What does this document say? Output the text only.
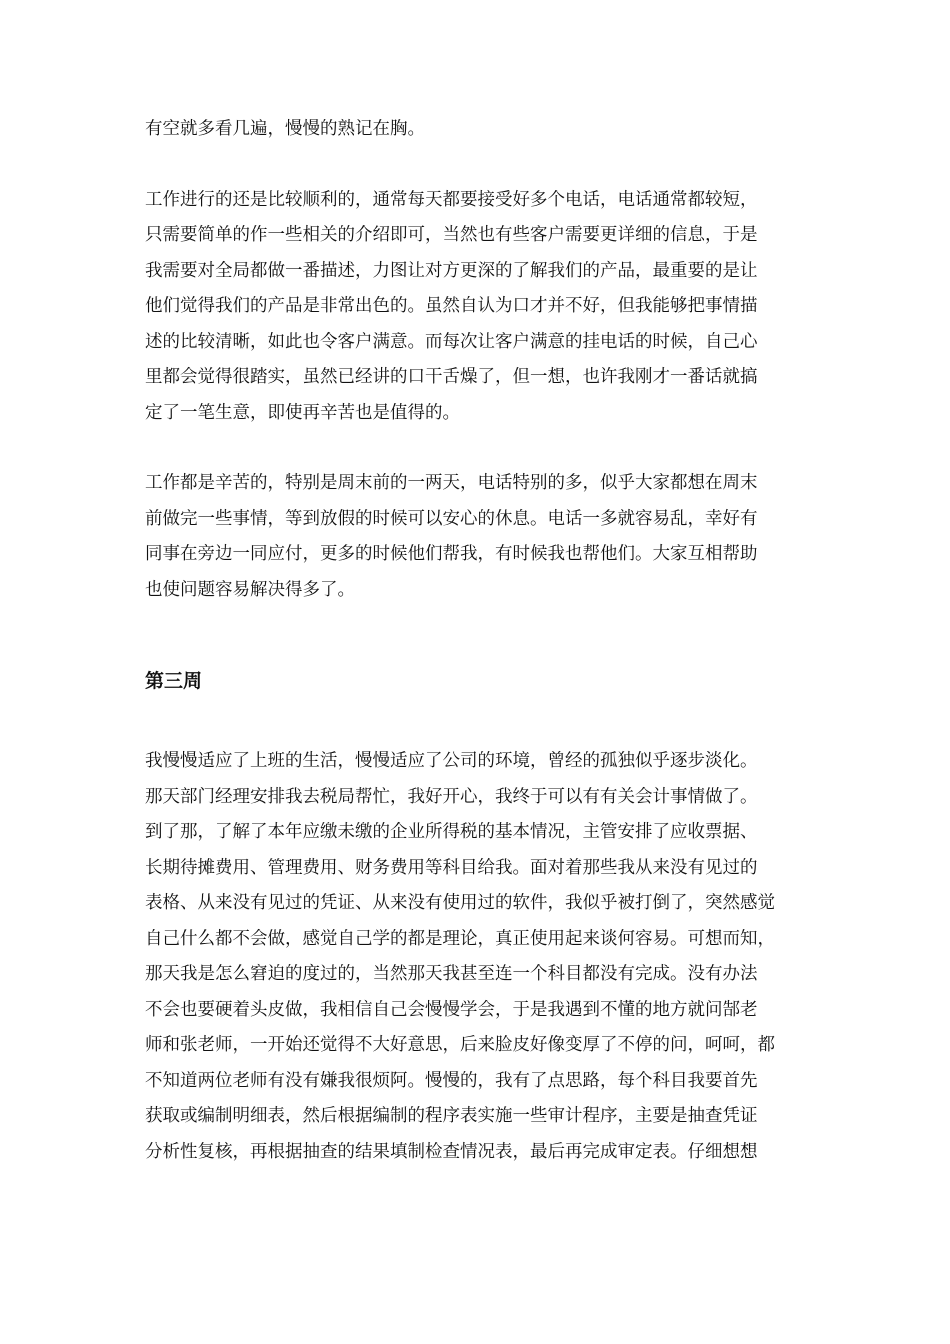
有空就多看几遍，慢慢的熟记在胸。
工作进行的还是比较顺利的，通常每天都要接受好多个电话，电话通常都较短，
只需要简单的作一些相关的介绍即可，当然也有些客户需要更详细的信息，于是
我需要对全局都做一番描述，力图让对方更深的了解我们的产品，最重要的是让
他们觉得我们的产品是非常出色的。虽然自认为口才并不好，但我能够把事情描
述的比较清晰，如此也令客户满意。而每次让客户满意的挂电话的时候，自己心
里都会觉得很踏实，虽然已经讲的口干舌燥了，但一想，也许我刚才一番话就搞
定了一笔生意，即使再辛苦也是值得的。
工作都是辛苦的，特别是周末前的一两天，电话特别的多，似乎大家都想在周末
前做完一些事情，等到放假的时候可以安心的休息。电话一多就容易乱，幸好有
同事在旁边一同应付，更多的时候他们帮我，有时候我也帮他们。大家互相帮助
也使问题容易解决得多了。
第三周
我慢慢适应了上班的生活，慢慢适应了公司的环境，曾经的孤独似乎逐步淡化。
那天部门经理安排我去税局帮忙，我好开心，我终于可以有有关会计事情做了。
到了那，了解了本年应缴未缴的企业所得税的基本情况，主管安排了应收票据、
长期待摊费用、管理费用、财务费用等科目给我。面对着那些我从来没有见过的
表格、从来没有见过的凭证、从来没有使用过的软件，我似乎被打倒了，突然感觉
自己什么都不会做，感觉自己学的都是理论，真正使用起来谈何容易。可想而知，
那天我是怎么窘迫的度过的，当然那天我甚至连一个科目都没有完成。没有办法
不会也要硬着头皮做，我相信自己会慢慢学会，于是我遇到不懂的地方就问郜老
师和张老师，一开始还觉得不大好意思，后来脸皮好像变厚了不停的问，呵呵，都
不知道两位老师有没有嫌我很烦阿。慢慢的，我有了点思路，每个科目我要首先
获取或编制明细表，然后根据编制的程序表实施一些审计程序，主要是抽查凭证
分析性复核，再根据抽查的结果填制检查情况表，最后再完成审定表。仔细想想
